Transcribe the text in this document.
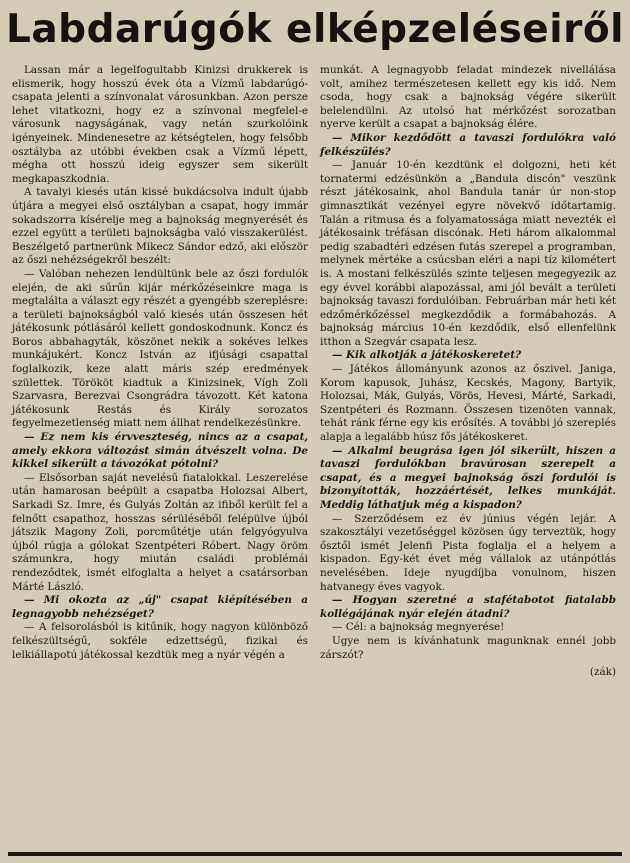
Labdarúgók elképzeléseiről

Lassan már a legelfogultabb Kinizsi drukkerek is elismerik, hogy hosszú évek óta a Vízmű labdarúgó-csapata jelenti a színvonalat városunkban. Azon persze lehet vitatkozni, hogy ez a színvonal megfelel-e városunk nagyságának, vagy netán szurkolóink igényeinek. Mindenesetre az kétségtelen, hogy felsőbb osztályba az utóbbi években csak a Vízmű lépett, mégha ott hosszú ideig egyszer sem sikerült megkapaszkodnia.

A tavalyi kiesés után kissé bukdácsolva indult újabb útjára a megyei első osztályban a csapat, hogy immár sokadszorra kísérelje meg a bajnokság megnyerését és ezzel együtt a területi bajnokságba való visszakerülést. Beszélgető partnerünk Mikecz Sándor edző, aki először az őszi nehézségekről beszélt:

— Valóban nehezen lendültünk bele az őszi fordulók elején, de aki sűrűn kijár mérkőzéseinkre maga is megtalálta a választ egy részét a gyengébb szereplésre: a területi bajnokságból való kiesés után összesen hét játékosunk pótlásáról kellett gondoskodnunk. Koncz és Boros abbahagyták, köszönet nekik a sokéves lelkes munkájukért. Koncz István az ifjúsági csapattal foglalkozik, keze alatt máris szép eredmények születtek. Törököt kiadtuk a Kinizsinek, Vígh Zoli Szarvasra, Berezvai Csongrádra távozott. Két katona játékosunk Restás és Király sorozatos fegyelmezetlenség miatt nem állhat rendelkezésünkre.

— Ez nem kis érvveszteség, nincs az a csapat, amely ekkora változást simán átvészelt volna. De kikkel sikerült a távozókat pótolni?

— Elsősorban saját nevelésű fiatalokkal. Leszerelése után hamarosan beépült a csapatba Holozsai Albert, Sarkadi Sz. Imre, és Gulyás Zoltán az ifiből került fel a felnőtt csapathoz, hosszas sérüléséből felépülve újból játszik Magony Zoli, porcműtétje után felgyógyulva újból rúgja a gólokat Szentpéteri Róbert. Nagy öröm számunkra, hogy miután családi problémái rendeződtek, ismét elfoglalta a helyet a csatársorban Márté László.

— Mi okozta az „új" csapat kiépítésében a legnagyobb nehézséget?

— A felsorolásból is kitűnik, hogy nagyon különböző felkészültségű, sokféle edzettségű, fizikai és lelkiállapotú játékossal kezdtük meg a nyár végén a

munkát. A legnagyobb feladat mindezek nivellálása volt, amihez természetesen kellett egy kis idő. Nem csoda, hogy csak a bajnokság végére sikerült belelendülni. Az utolsó hat mérkőzést sorozatban nyerve került a csapat a bajnokság élére.

— Mikor kezdődött a tavaszi fordulókra való felkészülés?

— Január 10-én kezdtünk el dolgozni, heti két tornatermi edzésünkön a „Bandula discón" veszünk részt játékosaink, ahol Bandula tanár úr non-stop gimnasztikát vezényel egyre növekvő időtartamig. Talán a ritmusa és a folyamatossága miatt nevezték el játékosaink tréfásan discónak. Heti három alkalommal pedig szabadtéri edzésen futás szerepel a programban, melynek mértéke a csúcsban eléri a napi tíz kilométert is. A mostani felkészülés szinte teljesen megegyezik az egy évvel korábbi alapozással, ami jól bevált a területi bajnokság tavaszi fordulóiban. Februárban már heti két edzőmérkőzéssel megkezdődik a formábahozás. A bajnokság március 10-én kezdődik, első ellenfelünk itthon a Szegvár csapata lesz.

— Kik alkotják a játékoskeretet?

— Játékos állományunk azonos az őszivel. Janiga, Korom kapusok, Juhász, Kecskés, Magony, Bartyik, Holozsai, Mák, Gulyás, Vörös, Hevesi, Márté, Sarkadi, Szentpéteri és Rozmann. Összesen tizenöten vannak, tehát ránk férne egy kis erősítés. A további jó szereplés alapja a legalább húsz fős játékoskeret.

— Alkalmi beugrása igen jól sikerült, hiszen a tavaszi fordulókban bravúrosan szerepelt a csapat, és a megyei bajnokság őszi fordulói is bizonyították, hozzáértését, lelkes munkáját. Meddig láthatjuk még a kispadon?

— Szerződésem ez év június végén lejár. A szakosztályi vezetőséggel közösen úgy terveztük, hogy ősztől ismét Jelenfi Pista foglalja el a helyem a kispadon. Egy-két évet még vállalok az utánpótlás nevelésében. Ideje nyugdíjba vonulnom, hiszen hatvanegy éves vagyok.

— Hogyan szeretné a stafétabotot fiatalabb kollégájának nyár elején átadni?

— Cél: a bajnokság megnyerése!

Ugye nem is kívánhatunk magunknak ennél jobb zárszót?

(zák)
